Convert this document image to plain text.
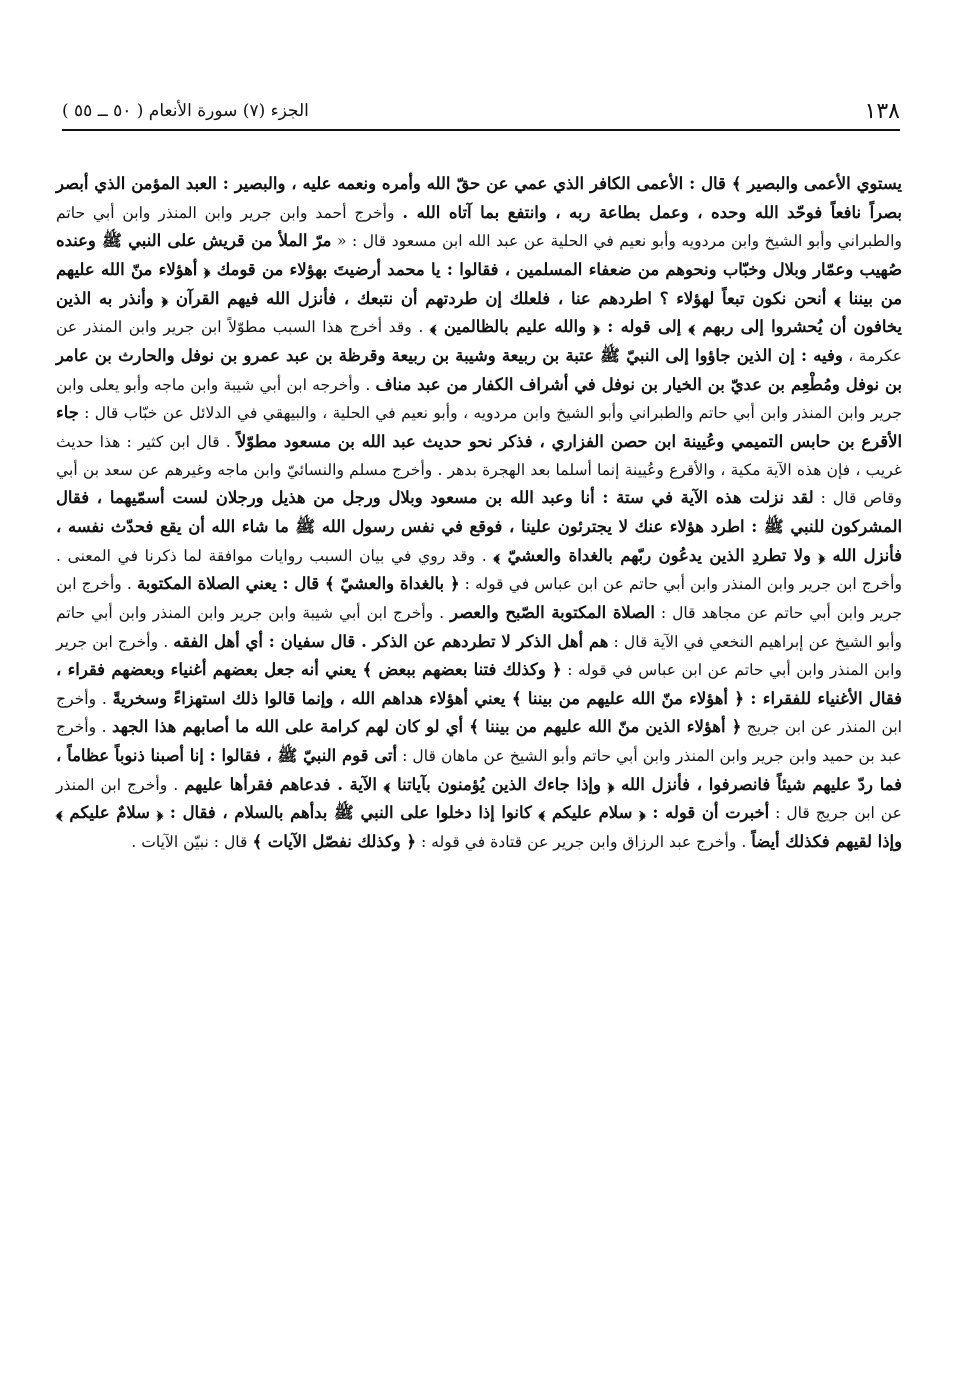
١٣٨
الجزء (٧) سورة الأنعام ( ٥٠ ــ ٥٥ )
يستوي الأعمى والبصير ﴾ قال : الأعمى الكافر الذي عمي عن حقّ الله وأمره ونعمه عليه ، والبصير : العبد المؤمن الذي أبصر بصراً نافعاً فوحّد الله وحده ، وعمل بطاعة ربه ، وانتفع بما آتاه الله . وأخرج أحمد وابن جرير وابن المنذر وابن أبي حاتم والطبراني وأبو الشيخ وابن مردويه وأبو نعيم في الحلية عن عبد الله ابن مسعود قال : « مرّ الملأ من قريش على النبي ﷺ وعنده صُهيب وعمّار وبلال وخبّاب ونحوهم من ضعفاء المسلمين ، فقالوا : يا محمد أرضيتَ بهؤلاء من قومك ﴿ أهؤلاء منّ الله عليهم من بيننا ﴾ أنحن نكون تبعاً لهؤلاء ؟ اطردهم عنا ، فلعلك إن طردتهم أن نتبعك ، فأنزل الله فيهم القرآن ﴿ وأنذر به الذين يخافون أن يُحشروا إلى ربهم ﴾ إلى قوله : ﴿ والله عليم بالظالمين ﴾ . وقد أخرج هذا السبب مطوّلاً ابن جرير وابن المنذر عن عكرمة ، وفيه : إن الذين جاؤوا إلى النبيّ ﷺ عتبة بن ربيعة وشيبة بن ربيعة وقرظة بن عبد عمرو بن نوفل والحارث بن عامر بن نوفل ومُطْعِم بن عديّ بن الخيار بن نوفل في أشراف الكفار من عبد مناف . وأخرجه ابن أبي شيبة وابن ماجه وأبو يعلى وابن جرير وابن المنذر وابن أبي حاتم والطبراني وأبو الشيخ وابن مردويه ، وأبو نعيم في الحلية ، والبيهقي في الدلائل عن خبّاب قال : جاء الأقرع بن حابس التميمي وعُيينة ابن حصن الفزاري ، فذكر نحو حديث عبد الله بن مسعود مطوّلاً . قال ابن كثير : هذا حديث غريب ، فإن هذه الآية مكية ، والأقرع وعُيينة إنما أسلما بعد الهجرة بدهر . وأخرج مسلم والنسائيّ وابن ماجه وغيرهم عن سعد بن أبي وقاص قال : لقد نزلت هذه الآية في ستة : أنا وعبد الله بن مسعود وبلال ورجل من هذيل ورجلان لست أسمّيهما ، فقال المشركون للنبي ﷺ : اطرد هؤلاء عنك لا يجترئون علينا ، فوقع في نفس رسول الله ﷺ ما شاء الله أن يقع فحدّث نفسه ، فأنزل الله ﴿ ولا تطردِ الذين يدعُون ربّهم بالغداة والعشيّ ﴾ . وقد روي في بيان السبب روايات موافقة لما ذكرنا في المعنى . وأخرج ابن جرير وابن المنذر وابن أبي حاتم عن ابن عباس في قوله : ﴿ بالغداة والعشيّ ﴾ قال : يعني الصلاة المكتوبة . وأخرج ابن جرير وابن أبي حاتم عن مجاهد قال : الصلاة المكتوبة الصّبح والعصر . وأخرج ابن أبي شيبة وابن جرير وابن المنذر وابن أبي حاتم وأبو الشيخ عن إبراهيم النخعي في الآية قال : هم أهل الذكر لا تطردهم عن الذكر . قال سفيان : أي أهل الفقه . وأخرج ابن جرير وابن المنذر وابن أبي حاتم عن ابن عباس في قوله : ﴿ وكذلك فتنا بعضهم ببعض ﴾ يعني أنه جعل بعضهم أغنياء وبعضهم فقراء ، فقال الأغنياء للفقراء : ﴿ أهؤلاء منّ الله عليهم من بيننا ﴾ يعني أهؤلاء هداهم الله ، وإنما قالوا ذلك استهزاءً وسخريةً . وأخرج ابن المنذر عن ابن جريج ﴿ أهؤلاء الذين منّ الله عليهم من بيننا ﴾ أي لو كان لهم كرامة على الله ما أصابهم هذا الجهد . وأخرج عبد بن حميد وابن جرير وابن المنذر وابن أبي حاتم وأبو الشيخ عن ماهان قال : أتى قوم النبيّ ﷺ ، فقالوا : إنا أصبنا ذنوباً عظاماً ، فما ردّ عليهم شيئاً فانصرفوا ، فأنزل الله ﴿ وإذا جاءك الذين يُؤمنون بآياتنا ﴾ الآية . فدعاهم فقرأها عليهم . وأخرج ابن المنذر عن ابن جريج قال : أخبرت أن قوله : ﴿ سلام عليكم ﴾ كانوا إذا دخلوا على النبي ﷺ بدأهم بالسلام ، فقال : ﴿ سلامٌ عليكم ﴾ وإذا لقيهم فكذلك أيضاً . وأخرج عبد الرزاق وابن جرير عن قتادة في قوله : ﴿ وكذلك نفصّل الآيات ﴾ قال : نبيّن الآيات .
